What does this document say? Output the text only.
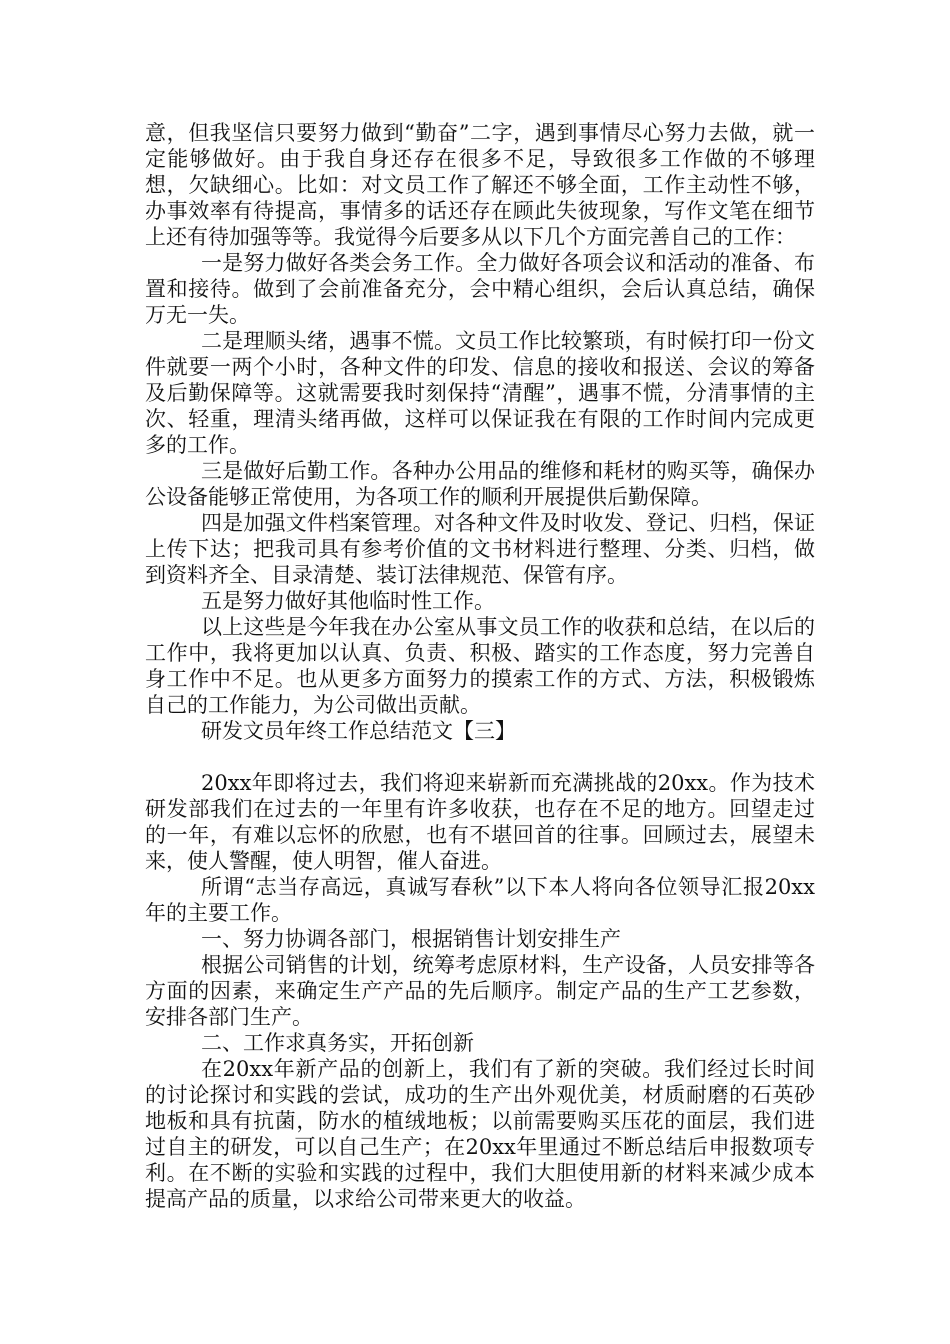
意，但我坚信只要努力做到“勤奋”二字，遇到事情尽心努力去做，就一定能够做好。由于我自身还存在很多不足，导致很多工作做的不够理想，欠缺细心。比如：对文员工作了解还不够全面，工作主动性不够，办事效率有待提高，事情多的话还存在顾此失彼现象，写作文笔在细节上还有待加强等等。我觉得今后要多从以下几个方面完善自己的工作：

一是努力做好各类会务工作。全力做好各项会议和活动的准备、布置和接待。做到了会前准备充分，会中精心组织，会后认真总结，确保万无一失。

二是理顺头绪，遇事不慌。文员工作比较繁琐，有时候打印一份文件就要一两个小时，各种文件的印发、信息的接收和报送、会议的筹备及后勤保障等。这就需要我时刻保持“清醒”，遇事不慌，分清事情的主次、轻重，理清头绪再做，这样可以保证我在有限的工作时间内完成更多的工作。

三是做好后勤工作。各种办公用品的维修和耗材的购买等，确保办公设备能够正常使用，为各项工作的顺利开展提供后勤保障。

四是加强文件档案管理。对各种文件及时收发、登记、归档，保证上传下达；把我司具有参考价值的文书材料进行整理、分类、归档，做到资料齐全、目录清楚、装订法律规范、保管有序。

五是努力做好其他临时性工作。

以上这些是今年我在办公室从事文员工作的收获和总结，在以后的工作中，我将更加以认真、负责、积极、踏实的工作态度，努力完善自身工作中不足。也从更多方面努力的摸索工作的方式、方法，积极锻炼自己的工作能力，为公司做出贡献。

研发文员年终工作总结范文【三】

20xx年即将过去，我们将迎来崭新而充满挑战的20xx。作为技术研发部我们在过去的一年里有许多收获，也存在不足的地方。回望走过的一年，有难以忘怀的欣慰，也有不堪回首的往事。回顾过去，展望未来，使人警醒，使人明智，催人奋进。

所谓“志当存高远，真诚写春秋”以下本人将向各位领导汇报20xx年的主要工作。

一、努力协调各部门，根据销售计划安排生产

根据公司销售的计划，统筹考虑原材料，生产设备，人员安排等各方面的因素，来确定生产产品的先后顺序。制定产品的生产工艺参数，安排各部门生产。

二、工作求真务实，开拓创新

在20xx年新产品的创新上，我们有了新的突破。我们经过长时间的讨论探讨和实践的尝试，成功的生产出外观优美，材质耐磨的石英砂地板和具有抗菌，防水的植绒地板；以前需要购买压花的面层，我们进过自主的研发，可以自己生产；在20xx年里通过不断总结后申报数项专利。在不断的实验和实践的过程中，我们大胆使用新的材料来减少成本提高产品的质量，以求给公司带来更大的收益。
